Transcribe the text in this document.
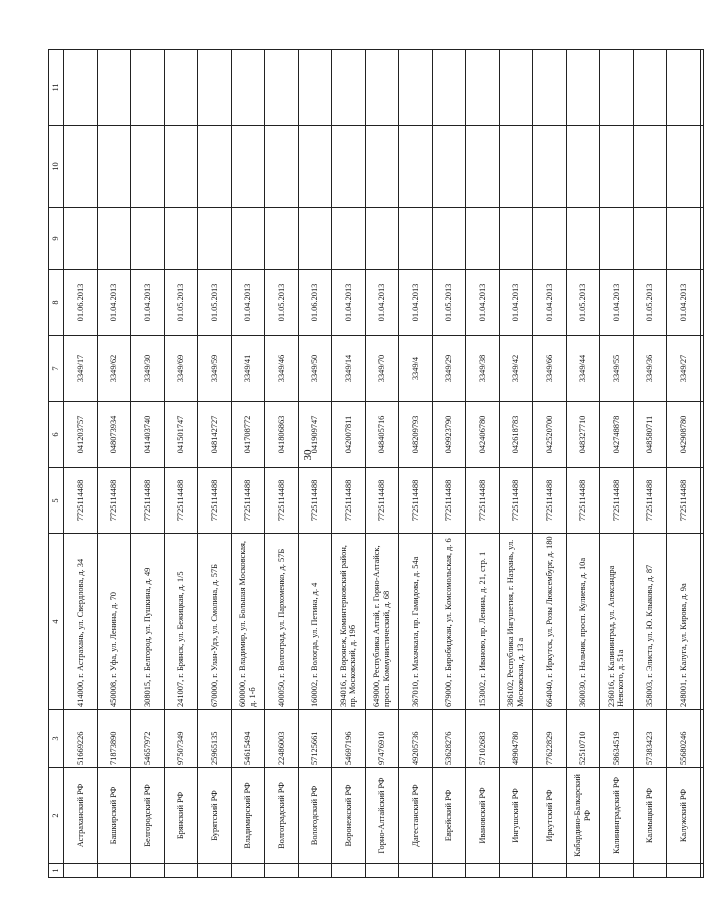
30
1	2	3	4	5	6	7	8	9	10	11
	Астраханский РФ	51669226	414000, г. Астрахань, ул. Свердлова, д. 34	7725114488	041203757	3349/17	01.06.2013			
	Башкирский РФ	71873890	450008, г. Уфа, ул. Ленина, д. 70	7725114488	048073934	3349/62	01.04.2013			
	Белгородский РФ	54657972	308015, г. Белгород, ул. Пушкина, д. 49	7725114488	041403740	3349/30	01.04.2013			
	Брянский РФ	97507349	241007, г. Брянск, ул. Бежицкая, д. 1/5	7725114488	041501747	3349/69	01.05.2013			
	Бурятский РФ	25965135	670000, г. Улан-Удэ, ул. Смолина, д. 57Б	7725114488	048142727	3349/59	01.05.2013			
	Владимирский РФ	54615494	600000, г. Владимир, ул. Большая Московская, д. 1-б	7725114488	041708772	3349/41	01.04.2013			
	Волгоградский РФ	22486003	400050, г. Волгоград, ул. Пархоменко, д. 57Б	7725114488	041806863	3349/46	01.05.2013			
	Вологодский РФ	57125661	160002, г. Вологда, ул. Петина, д. 4	7725114488	041909747	3349/50	01.06.2013			
	Воронежский РФ	54697196	394016, г. Воронеж, Коминтерновский район, пр. Московский, д. 19б	7725114488	042007811	3349/14	01.04.2013			
	Горно-Алтайский РФ	97476910	649000, Республика Алтай, г. Горно-Алтайск, просп. Коммунистический, д. 68	7725114488	048405716	3349/70	01.04.2013			
	Дагестанский РФ	49205736	367010, г. Махачкала, пр. Гамидова, д. 54а	7725114488	048209793	3349/4	01.04.2013			
	Еврейский РФ	53628276	679000, г. Биробиджан, ул. Комсомольская, д. 6	7725114488	049923790	3349/29	01.05.2013			
	Ивановский РФ	57102683	153002, г. Иваново, пр. Ленина, д. 21, стр. 1	7725114488	042406780	3349/38	01.04.2013			
	Ингушский РФ	48904780	386102, Республика Ингушетия, г. Назрань, ул. Московская, д. 13 а	7725114488	042618783	3349/42	01.04.2013			
	Иркутский РФ	77622829	664040, г. Иркутск, ул. Розы Люксембург, д. 180	7725114488	042520700	3349/66	01.04.2013			
	Кабардино-Балкарский РФ	52510710	360030, г. Нальчик, просп. Кулиева, д. 10а	7725114488	048327710	3349/44	01.05.2013			
	Калининградский РФ	58634519	236016, г. Калининград, ул. Александра Невского, д. 51а	7725114488	042748878	3349/55	01.04.2013			
	Калмыцкий РФ	57383423	358003, г. Элиста, ул. Ю. Клыкова, д. 87	7725114488	048580711	3349/36	01.05.2013			
	Калужский РФ	55680246	248001, г. Калуга, ул. Кирова, д. 9а	7725114488	042908780	3349/27	01.04.2013			
